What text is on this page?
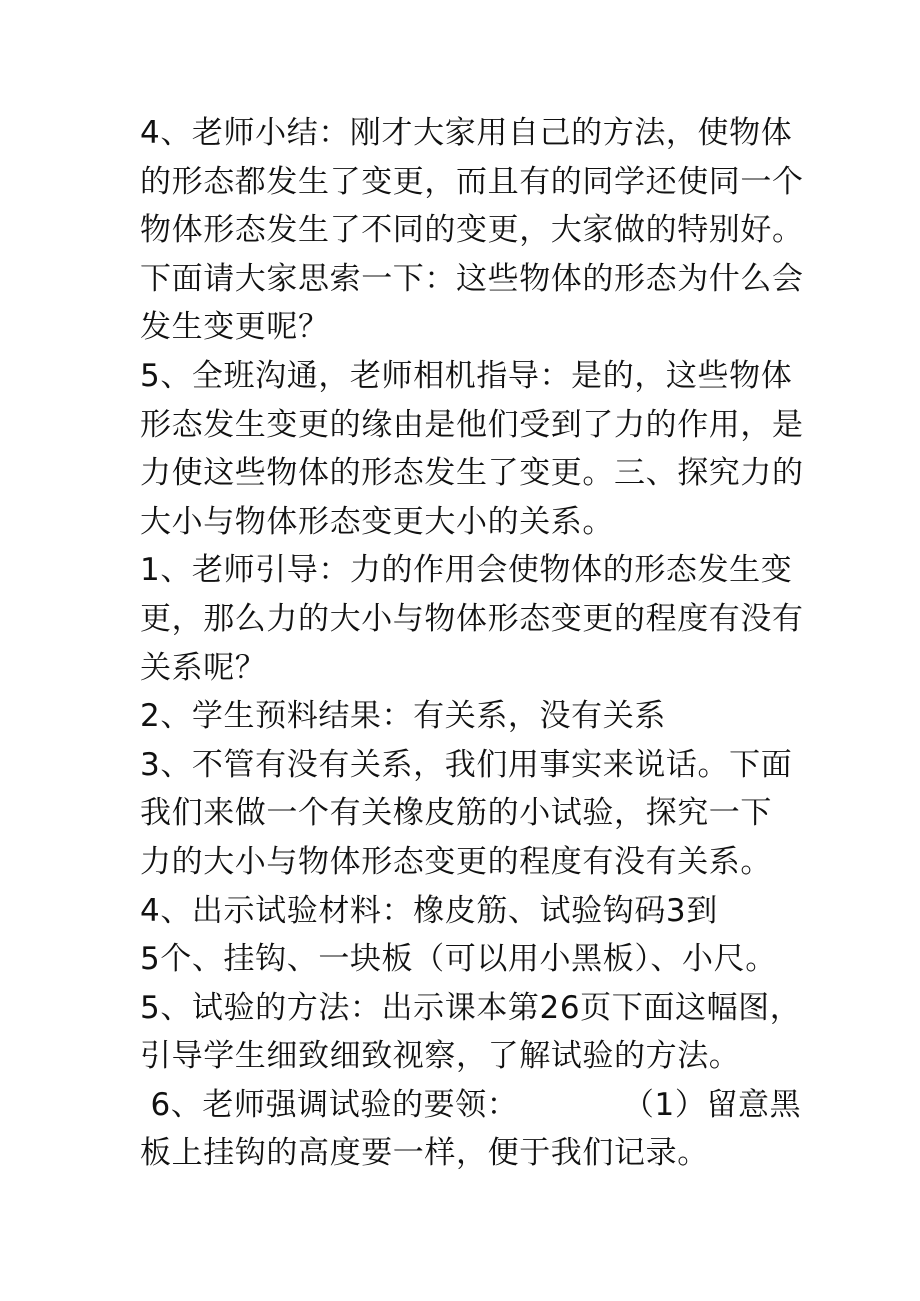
4、老师小结：刚才大家用自己的方法，使物体
的形态都发生了变更，而且有的同学还使同一个
物体形态发生了不同的变更，大家做的特别好。
下面请大家思索一下：这些物体的形态为什么会
发生变更呢？
5、全班沟通，老师相机指导：是的，这些物体
形态发生变更的缘由是他们受到了力的作用，是
力使这些物体的形态发生了变更。三、探究力的
大小与物体形态变更大小的关系。
1、老师引导：力的作用会使物体的形态发生变
更，那么力的大小与物体形态变更的程度有没有
关系呢？
2、学生预料结果：有关系，没有关系
3、不管有没有关系，我们用事实来说话。下面
我们来做一个有关橡皮筋的小试验，探究一下
力的大小与物体形态变更的程度有没有关系。
4、出示试验材料：橡皮筋、试验钩码3到
5个、挂钩、一块板（可以用小黑板）、小尺。
5、试验的方法：出示课本第26页下面这幅图，
引导学生细致细致视察，了解试验的方法。
6、老师强调试验的要领：          （1）留意黑
板上挂钩的高度要一样，便于我们记录。
